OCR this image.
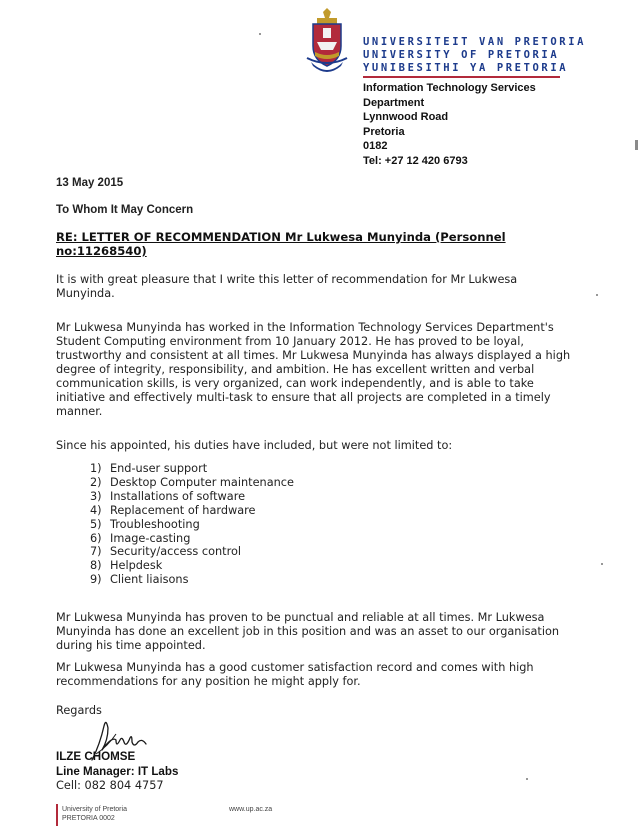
UNIVERSITEIT VAN PRETORIA
UNIVERSITY OF PRETORIA
YUNIBESITHI YA PRETORIA
Information Technology Services
Department
Lynnwood Road
Pretoria
0182
Tel: +27 12 420 6793
13 May 2015
To Whom It May Concern
RE: LETTER OF RECOMMENDATION Mr Lukwesa Munyinda (Personnel no:11268540)
It is with great pleasure that I write this letter of recommendation for Mr Lukwesa Munyinda.
Mr Lukwesa Munyinda has worked in the Information Technology Services Department's Student Computing environment from 10 January 2012. He has proved to be loyal, trustworthy and consistent at all times. Mr Lukwesa Munyinda has always displayed a high degree of integrity, responsibility, and ambition. He has excellent written and verbal communication skills, is very organized, can work independently, and is able to take initiative and effectively multi-task to ensure that all projects are completed in a timely manner.
Since his appointed, his duties have included, but were not limited to:
1) End-user support
2) Desktop Computer maintenance
3) Installations of software
4) Replacement of hardware
5) Troubleshooting
6) Image-casting
7) Security/access control
8) Helpdesk
9) Client liaisons
Mr Lukwesa Munyinda has proven to be punctual and reliable at all times. Mr Lukwesa Munyinda has done an excellent job in this position and was an asset to our organisation during his time appointed.
Mr Lukwesa Munyinda has a good customer satisfaction record and comes with high recommendations for any position he might apply for.
Regards
ILZE CHOMSE
Line Manager: IT Labs
Cell: 082 804 4757
University of Pretoria
PRETORIA 0002
www.up.ac.za
